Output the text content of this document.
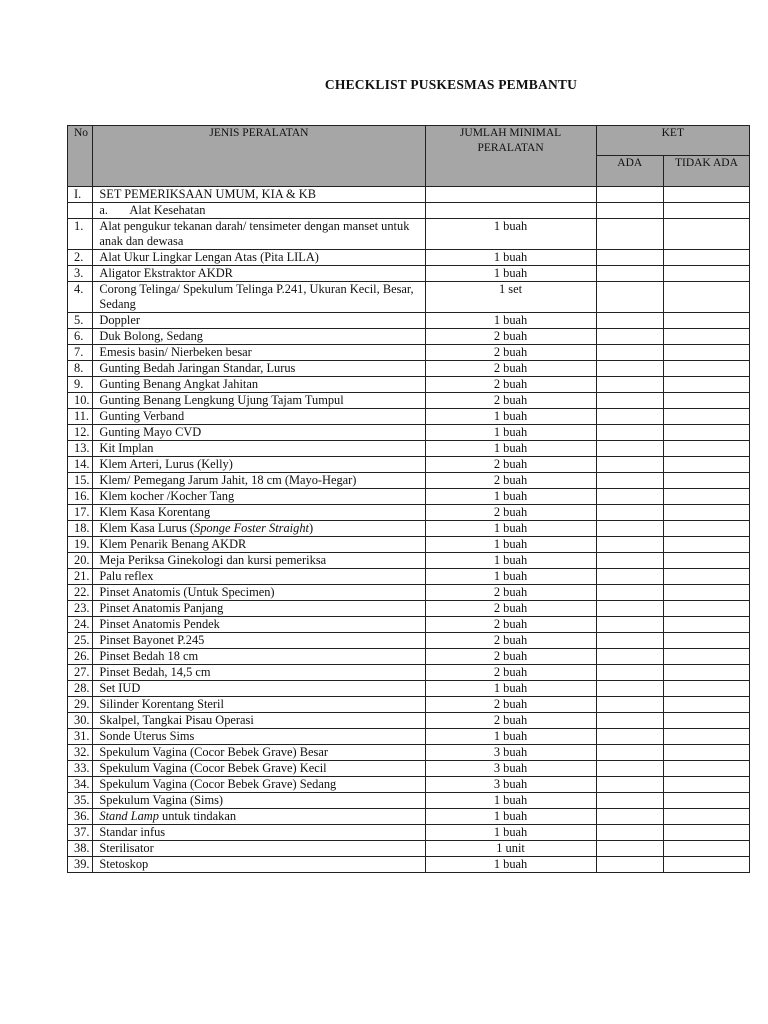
CHECKLIST PUSKESMAS PEMBANTU
No	JENIS PERALATAN	JUMLAH MINIMAL PERALATAN	KET	
			ADA	TIDAK ADA
I.	SET PEMERIKSAAN UMUM, KIA & KB			
	a. Alat Kesehatan			
1.	Alat pengukur tekanan darah/ tensimeter dengan manset untuk anak dan dewasa	1 buah		
2.	Alat Ukur Lingkar Lengan Atas (Pita LILA)	1 buah		
3.	Aligator Ekstraktor AKDR	1 buah		
4.	Corong Telinga/ Spekulum Telinga P.241, Ukuran Kecil, Besar, Sedang	1 set		
5.	Doppler	1 buah		
6.	Duk Bolong, Sedang	2 buah		
7.	Emesis basin/ Nierbeken besar	2 buah		
8.	Gunting Bedah Jaringan Standar, Lurus	2 buah		
9.	Gunting Benang Angkat Jahitan	2 buah		
10.	Gunting Benang Lengkung Ujung Tajam Tumpul	2 buah		
11.	Gunting Verband	1 buah		
12.	Gunting Mayo CVD	1 buah		
13.	Kit Implan	1 buah		
14.	Klem Arteri, Lurus (Kelly)	2 buah		
15.	Klem/ Pemegang Jarum Jahit, 18 cm (Mayo-Hegar)	2 buah		
16.	Klem kocher /Kocher Tang	1 buah		
17.	Klem Kasa Korentang	2 buah		
18.	Klem Kasa Lurus (Sponge Foster Straight)	1 buah		
19.	Klem Penarik Benang AKDR	1 buah		
20.	Meja Periksa Ginekologi dan kursi pemeriksa	1 buah		
21.	Palu reflex	1 buah		
22.	Pinset Anatomis (Untuk Specimen)	2 buah		
23.	Pinset Anatomis Panjang	2 buah		
24.	Pinset Anatomis Pendek	2 buah		
25.	Pinset Bayonet P.245	2 buah		
26.	Pinset Bedah 18 cm	2 buah		
27.	Pinset Bedah, 14,5 cm	2 buah		
28.	Set IUD	1 buah		
29.	Silinder Korentang Steril	2 buah		
30.	Skalpel, Tangkai Pisau Operasi	2 buah		
31.	Sonde Uterus Sims	1 buah		
32.	Spekulum Vagina (Cocor Bebek Grave) Besar	3 buah		
33.	Spekulum Vagina (Cocor Bebek Grave) Kecil	3 buah		
34.	Spekulum Vagina (Cocor Bebek Grave) Sedang	3 buah		
35.	Spekulum Vagina (Sims)	1 buah		
36.	Stand Lamp untuk tindakan	1 buah		
37.	Standar infus	1 buah		
38.	Sterilisator	1 unit		
39.	Stetoskop	1 buah		
